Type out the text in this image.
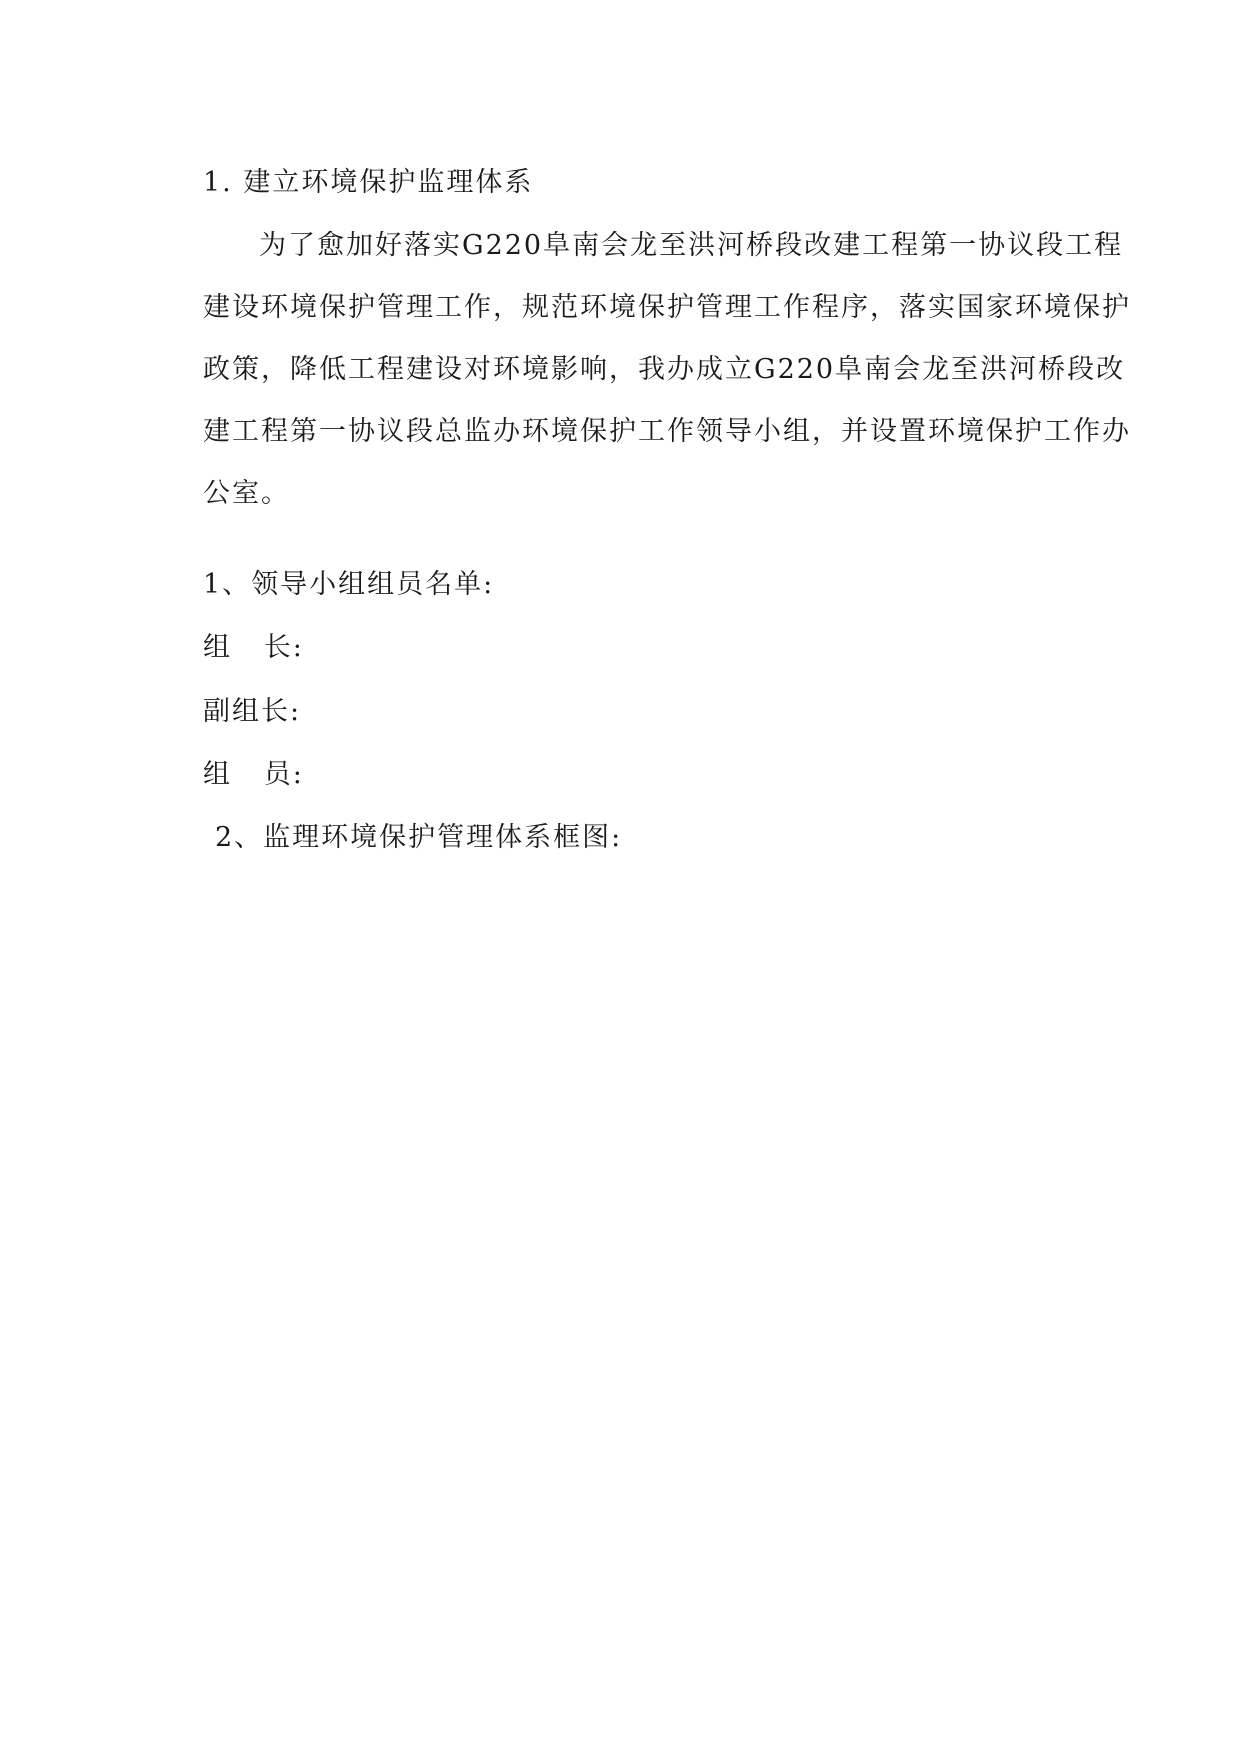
1. 建立环境保护监理体系
为了愈加好落实G220阜南会龙至洪河桥段改建工程第一协议段工程
建设环境保护管理工作，规范环境保护管理工作程序，落实国家环境保护
政策，降低工程建设对环境影响，我办成立G220阜南会龙至洪河桥段改
建工程第一协议段总监办环境保护工作领导小组，并设置环境保护工作办
公室。
1、领导小组组员名单:
组   长:
副组长:
组   员:
2、监理环境保护管理体系框图:
